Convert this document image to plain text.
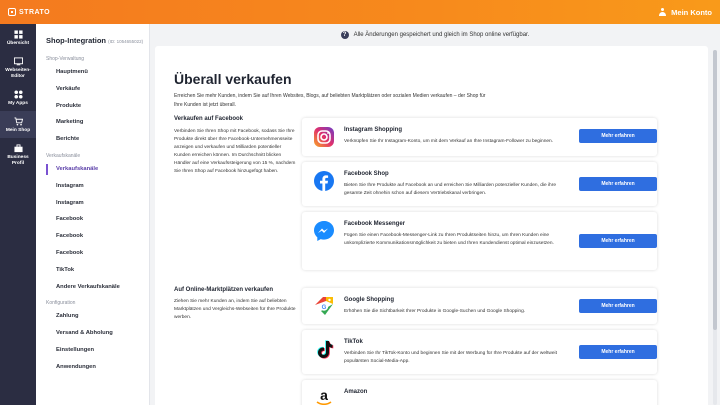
STRATO	Mein Konto
Übersicht
Webseiten-Editor
My Apps
Mein Shop
Business Profil
Shop-Integration (ID: 1054655022)
Shop-Verwaltung
Hauptmenü
Verkäufe
Produkte
Marketing
Berichte
Verkaufskanäle
Verkaufskanäle
Instagram
Instagram
Facebook
Facebook
Facebook
TikTok
Andere Verkaufskanäle
Konfiguration
Zahlung
Versand & Abholung
Einstellungen
Anwendungen
?	Alle Änderungen gespeichert und gleich im Shop online verfügbar.
Überall verkaufen
Erreichen Sie mehr Kunden, indem Sie auf Ihren Websites, Blogs, auf beliebten Marktplätzen oder sozialen Medien verkaufen – der Shop für Ihre Kunden ist jetzt überall.
Verkaufen auf Facebook
Verbinden Sie Ihren Shop mit Facebook, sodass Sie Ihre Produkte direkt über Ihre Facebook-Unternehmensseite anzeigen und verkaufen und Milliarden potentieller Kunden erreichen können. Im Durchschnitt blicken Händler auf eine Verkaufssteigerung von 15 %, nachdem Sie Ihren Shop auf Facebook hinzugefügt haben.
Auf Online-Marktplätzen verkaufen
Ziehen Sie mehr Kunden an, indem Sie auf beliebten Marktplätzen und Vergleichs-Webseiten für Ihre Produkte werben.
Instagram Shopping
Verknüpfen Sie Ihr Instagram-Konto, um mit dem Verkauf an Ihre Instagram-Follower zu beginnen.
Mehr erfahren
Facebook Shop
Bieten Sie Ihre Produkte auf Facebook an und erreichen Sie Milliarden potenzieller Kunden, die ihre gesamte Zeit ohnehin schon auf diesem Vertriebskanal verbringen.
Mehr erfahren
Facebook Messenger
Fügen Sie einen Facebook-Messenger-Link zu Ihren Produktseiten hinzu, um Ihren Kunden eine unkomplizierte Kommunikationsmöglichkeit zu bieten und Ihren Kundendienst optimal einzusetzen.	Mehr erfahren
G
Google Shopping
Erhöhen Sie die Sichtbarkeit Ihrer Produkte in Google-Suchen und Google Shopping.
Mehr erfahren
TikTok
Verbinden Sie Ihr TikTok-Konto und beginnen Sie mit der Werbung für Ihre Produkte auf der weltweit populärsten Social-Media-App.
Mehr erfahren
a	Amazon
